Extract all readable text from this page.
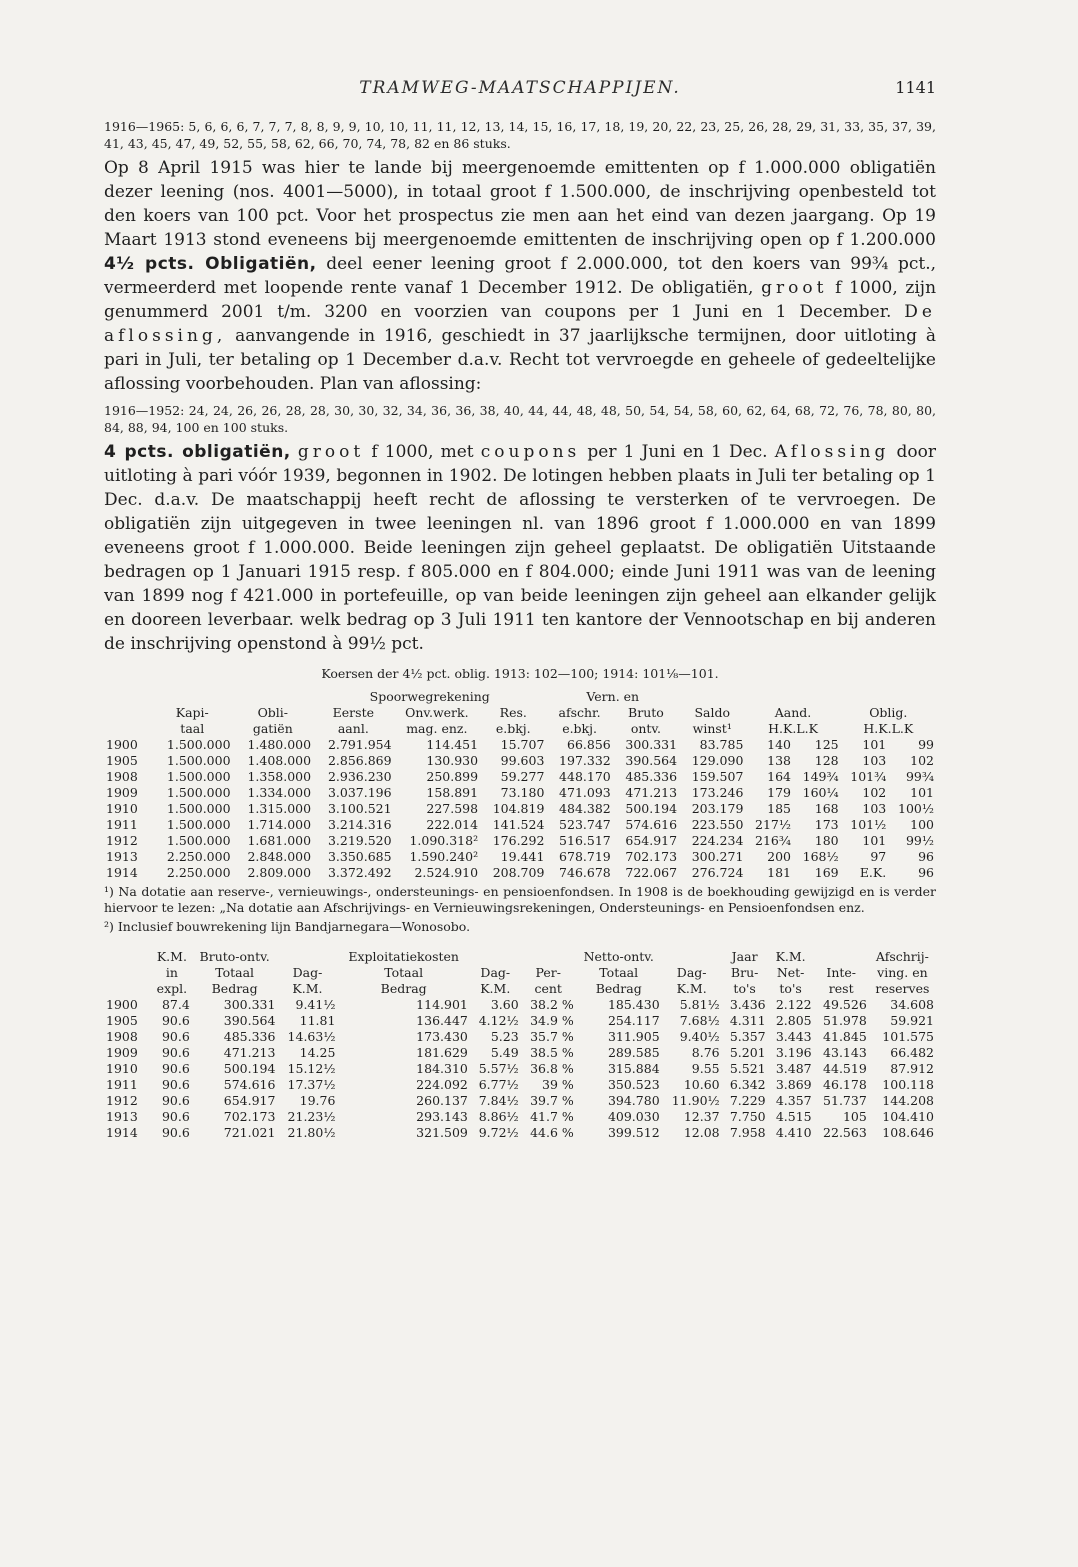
TRAMWEG-MAATSCHAPPIJEN.	1141

1916—1965: 5, 6, 6, 6, 7, 7, 7, 8, 8, 9, 9, 10, 10, 11, 11, 12, 13, 14, 15, 16, 17, 18, 19, 20, 22, 23, 25, 26, 28, 29, 31, 33, 35, 37, 39, 41, 43, 45, 47, 49, 52, 55, 58, 62, 66, 70, 74, 78, 82 en 86 stuks.

Op 8 April 1915 was hier te lande bij meergenoemde emittenten op f 1.000.000 obligatiën dezer leening (nos. 4001—5000), in totaal groot f 1.500.000, de inschrijving openbesteld tot den koers van 100 pct. Voor het prospectus zie men aan het eind van dezen jaargang. Op 19 Maart 1913 stond eveneens bij meergenoemde emittenten de inschrijving open op f 1.200.000 4½ pcts. Obligatiën, deel eener leening groot f 2.000.000, tot den koers van 99¾ pct., vermeerderd met loopende rente vanaf 1 December 1912. De obligatiën, groot f 1000, zijn genummerd 2001 t/m. 3200 en voorzien van coupons per 1 Juni en 1 December. De aflossing, aanvangende in 1916, geschiedt in 37 jaarlijksche termijnen, door uitloting à pari in Juli, ter betaling op 1 December d.a.v. Recht tot vervroegde en geheele of gedeeltelijke aflossing voorbehouden. Plan van aflossing:

1916—1952: 24, 24, 26, 26, 28, 28, 30, 30, 32, 34, 36, 36, 38, 40, 44, 44, 48, 48, 50, 54, 54, 58, 60, 62, 64, 68, 72, 76, 78, 80, 80, 84, 88, 94, 100 en 100 stuks.

4 pcts. obligatiën, groot f 1000, met coupons per 1 Juni en 1 Dec. Aflossing door uitloting à pari vóór 1939, begonnen in 1902. De lotingen hebben plaats in Juli ter betaling op 1 Dec. d.a.v. De maatschappij heeft recht de aflossing te versterken of te vervroegen. De obligatiën zijn uitgegeven in twee leeningen nl. van 1896 groot f 1.000.000 en van 1899 eveneens groot f 1.000.000. Beide leeningen zijn geheel geplaatst. De obligatiën Uitstaande bedragen op 1 Januari 1915 resp. f 805.000 en f 804.000; einde Juni 1911 was van de leening van 1899 nog f 421.000 in portefeuille, op van beide leeningen zijn geheel aan elkander gelijk en dooreen leverbaar. welk bedrag op 3 Juli 1911 ten kantore der Vennootschap en bij anderen de inschrijving openstond à 99½ pct.

Koersen der 4½ pct. oblig. 1913: 102—100; 1914: 101⅛—101.

			Spoorwegrekening			Vern. en						
	Kapi-	Obli-	Eerste	Onv.werk.	Res.	afschr.	Bruto	Saldo	Aand.		Oblig.	
	taal	gatiën	aanl.	mag. enz.	e.bkj.	e.bkj.	ontv.	winst¹	H.K.L.K		H.K.L.K	
1900	1.500.000	1.480.000	2.791.954	114.451	15.707	66.856	300.331	83.785	140	125	101	99
1905	1.500.000	1.408.000	2.856.869	130.930	99.603	197.332	390.564	129.090	138	128	103	102
1908	1.500.000	1.358.000	2.936.230	250.899	59.277	448.170	485.336	159.507	164	149¾	101¾	99¾
1909	1.500.000	1.334.000	3.037.196	158.891	73.180	471.093	471.213	173.246	179	160¼	102	101
1910	1.500.000	1.315.000	3.100.521	227.598	104.819	484.382	500.194	203.179	185	168	103	100½
1911	1.500.000	1.714.000	3.214.316	222.014	141.524	523.747	574.616	223.550	217½	173	101½	100
1912	1.500.000	1.681.000	3.219.520	1.090.318²	176.292	516.517	654.917	224.234	216¾	180	101	99½
1913	2.250.000	2.848.000	3.350.685	1.590.240²	19.441	678.719	702.173	300.271	200	168½	97	96
1914	2.250.000	2.809.000	3.372.492	2.524.910	208.709	746.678	722.067	276.724	181	169	E.K.	96

¹) Na dotatie aan reserve-, vernieuwings-, ondersteunings- en pensioenfondsen. In 1908 is de boekhouding gewijzigd en is verder hiervoor te lezen: „Na dotatie aan Afschrijvings- en Vernieuwingsrekeningen, Ondersteunings- en Pensioenfondsen enz.

²) Inclusief bouwrekening lijn Bandjarnegara—Wonosobo.

	K.M.	Bruto-ontv.		Exploitatiekosten			Netto-ontv.		Jaar	K.M.		Afschrij-
	in	Totaal	Dag-	Totaal	Dag-	Per-	Totaal	Dag-	Bru-	Net-	Inte-	ving. en
	expl.	Bedrag	K.M.	Bedrag	K.M.	cent	Bedrag	K.M.	to's	to's	rest	reserves
1900	87.4	300.331	9.41½	114.901	3.60	38.2 %	185.430	5.81½	3.436	2.122	49.526	34.608
1905	90.6	390.564	11.81	136.447	4.12½	34.9 %	254.117	7.68½	4.311	2.805	51.978	59.921
1908	90.6	485.336	14.63½	173.430	5.23	35.7 %	311.905	9.40½	5.357	3.443	41.845	101.575
1909	90.6	471.213	14.25	181.629	5.49	38.5 %	289.585	8.76	5.201	3.196	43.143	66.482
1910	90.6	500.194	15.12½	184.310	5.57½	36.8 %	315.884	9.55	5.521	3.487	44.519	87.912
1911	90.6	574.616	17.37½	224.092	6.77½	39 %	350.523	10.60	6.342	3.869	46.178	100.118
1912	90.6	654.917	19.76	260.137	7.84½	39.7 %	394.780	11.90½	7.229	4.357	51.737	144.208
1913	90.6	702.173	21.23½	293.143	8.86½	41.7 %	409.030	12.37	7.750	4.515	105	104.410
1914	90.6	721.021	21.80½	321.509	9.72½	44.6 %	399.512	12.08	7.958	4.410	22.563	108.646
